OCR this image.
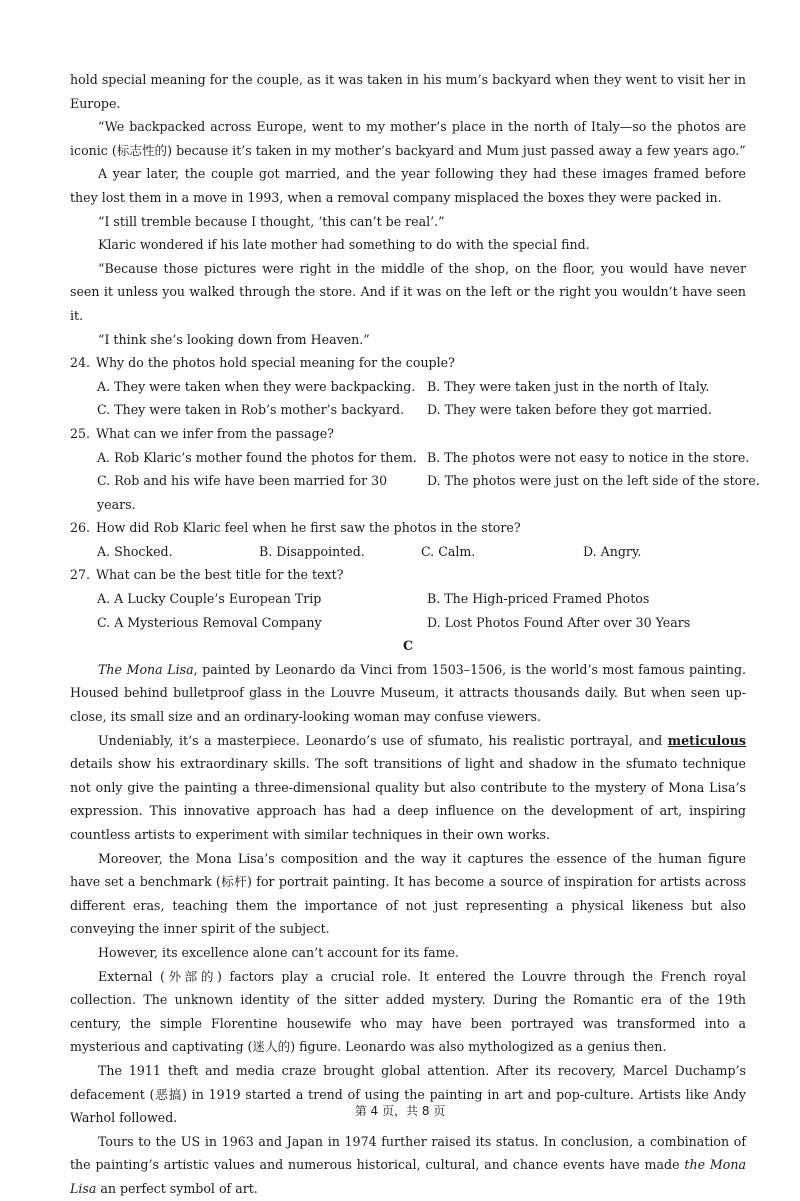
hold special meaning for the couple, as it was taken in his mum’s backyard when they went to visit her in Europe.

“We backpacked across Europe, went to my mother’s place in the north of Italy—so the photos are iconic (标志性的) because it’s taken in my mother’s backyard and Mum just passed away a few years ago.”

A year later, the couple got married, and the year following they had these images framed before they lost them in a move in 1993, when a removal company misplaced the boxes they were packed in.

“I still tremble because I thought, ‘this can’t be real’.”

Klaric wondered if his late mother had something to do with the special find.

“Because those pictures were right in the middle of the shop, on the floor, you would have never seen it unless you walked through the store. And if it was on the left or the right you wouldn’t have seen it.

“I think she’s looking down from Heaven.”

24. Why do the photos hold special meaning for the couple?

A. They were taken when they were backpacking. B. They were taken just in the north of Italy.
C. They were taken in Rob’s mother’s backyard.	D. They were taken before they got married.

25. What can we infer from the passage?

A. Rob Klaric’s mother found the photos for them. B. The photos were not easy to notice in the store.
C. Rob and his wife have been married for 30 years.
D. The photos were just on the left side of the store.

26. How did Rob Klaric feel when he first saw the photos in the store?

A. Shocked.	B. Disappointed.	C. Calm.	D. Angry.

27. What can be the best title for the text?

A. A Lucky Couple’s European Trip	B. The High-priced Framed Photos
C. A Mysterious Removal Company	D. Lost Photos Found After over 30 Years

C

The Mona Lisa, painted by Leonardo da Vinci from 1503–1506, is the world’s most famous painting. Housed behind bulletproof glass in the Louvre Museum, it attracts thousands daily. But when seen up-close, its small size and an ordinary-looking woman may confuse viewers.

Undeniably, it’s a masterpiece. Leonardo’s use of sfumato, his realistic portrayal, and meticulous details show his extraordinary skills. The soft transitions of light and shadow in the sfumato technique not only give the painting a three-dimensional quality but also contribute to the mystery of Mona Lisa’s expression. This innovative approach has had a deep influence on the development of art, inspiring countless artists to experiment with similar techniques in their own works.

Moreover, the Mona Lisa’s composition and the way it captures the essence of the human figure have set a benchmark (标杆) for portrait painting. It has become a source of inspiration for artists across different eras, teaching them the importance of not just representing a physical likeness but also conveying the inner spirit of the subject.

However, its excellence alone can’t account for its fame.

External (外部的) factors play a crucial role. It entered the Louvre through the French royal collection. The unknown identity of the sitter added mystery. During the Romantic era of the 19th century, the simple Florentine housewife who may have been portrayed was transformed into a mysterious and captivating (迷人的) figure. Leonardo was also mythologized as a genius then.

The 1911 theft and media craze brought global attention. After its recovery, Marcel Duchamp’s defacement (恶搞) in 1919 started a trend of using the painting in art and pop-culture. Artists like Andy Warhol followed.

Tours to the US in 1963 and Japan in 1974 further raised its status. In conclusion, a combination of the painting’s artistic values and numerous historical, cultural, and chance events have made the Mona Lisa an perfect symbol of art.

第 4 页，共 8 页
